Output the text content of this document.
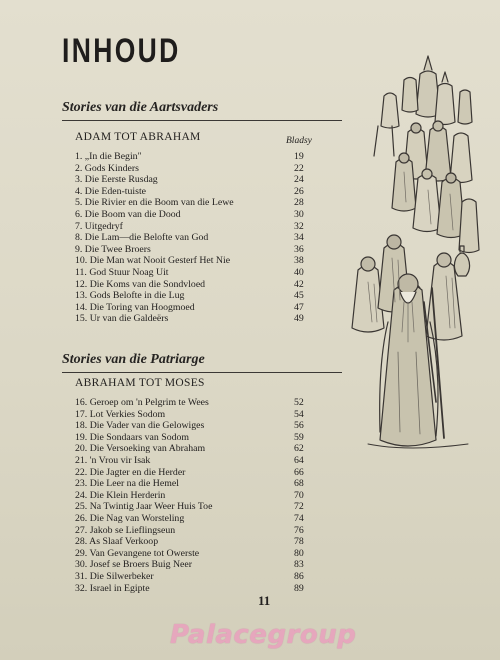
INHOUD
Stories van die Aartsvaders
ADAM TOT ABRAHAM	Bladsy
1. „In die Begin"	19
2. Gods Kinders	22
3. Die Eerste Rusdag	24
4. Die Eden-tuiste	26
5. Die Rivier en die Boom van die Lewe	28
6. Die Boom van die Dood	30
7. Uitgedryf	32
8. Die Lam—die Belofte van God	34
9. Die Twee Broers	36
10. Die Man wat Nooit Gesterf Het Nie	38
11. God Stuur Noag Uit	40
12. Die Koms van die Sondvloed	42
13. Gods Belofte in die Lug	45
14. Die Toring van Hoogmoed	47
15. Ur van die Galdeërs	49
Stories van die Patriarge
ABRAHAM TOT MOSES
16. Geroep om 'n Pelgrim te Wees	52
17. Lot Verkies Sodom	54
18. Die Vader van die Gelowiges	56
19. Die Sondaars van Sodom	59
20. Die Versoeking van Abraham	62
21. 'n Vrou vir Isak	64
22. Die Jagter en die Herder	66
23. Die Leer na die Hemel	68
24. Die Klein Herderin	70
25. Na Twintig Jaar Weer Huis Toe	72
26. Die Nag van Worsteling	74
27. Jakob se Lieflingseun	76
28. As Slaaf Verkoop	78
29. Van Gevangene tot Owerste	80
30. Josef se Broers Buig Neer	83
31. Die Silwerbeker	86
32. Israel in Egipte	89
11
Palacegroup
